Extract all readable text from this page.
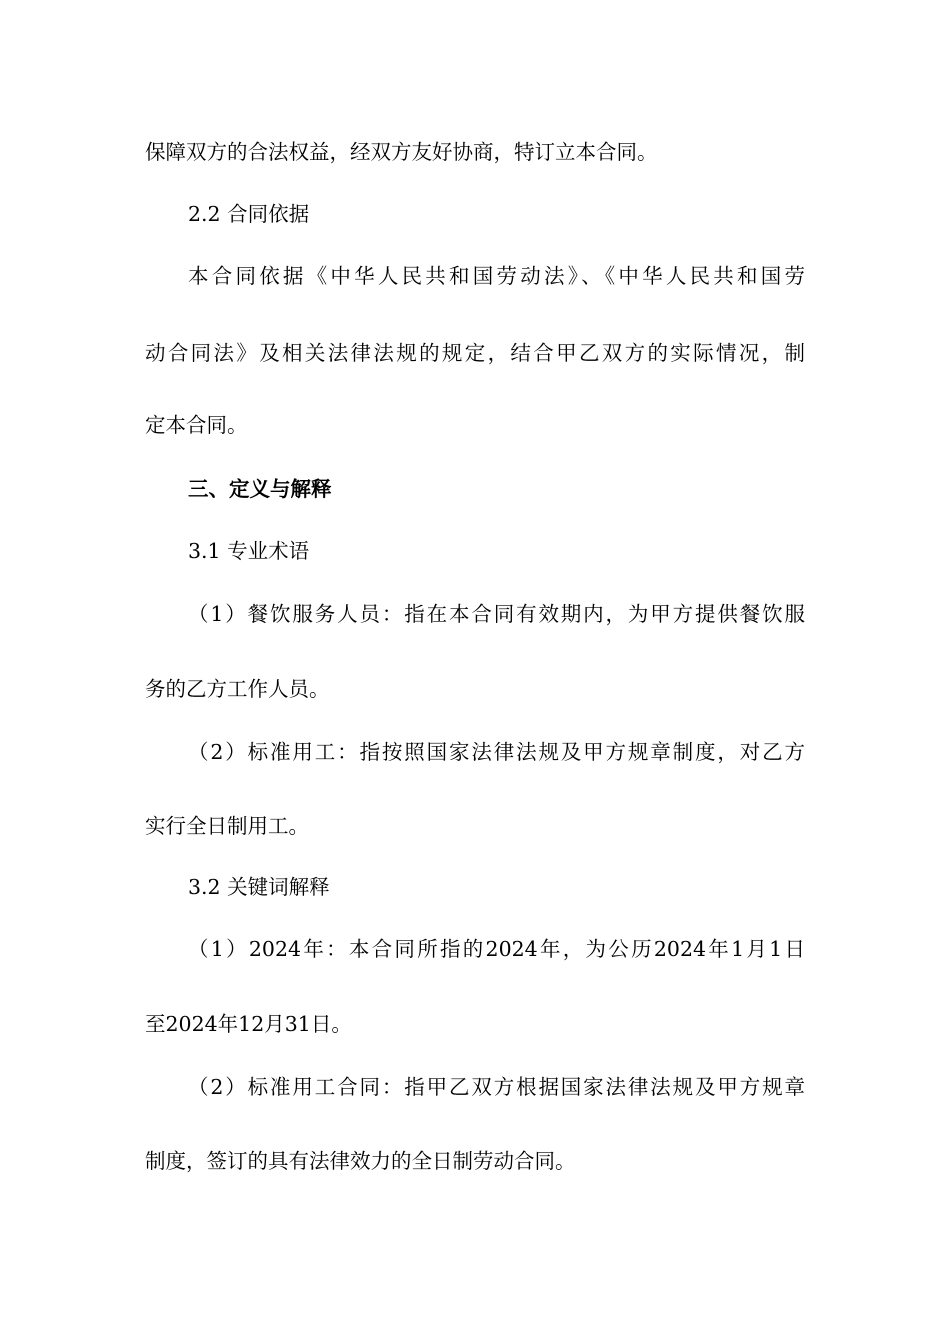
保障双方的合法权益，经双方友好协商，特订立本合同。
2.2 合同依据
本合同依据《中华人民共和国劳动法》、《中华人民共和国劳
动合同法》及相关法律法规的规定，结合甲乙双方的实际情况，制
定本合同。
三、定义与解释
3.1 专业术语
（1）餐饮服务人员：指在本合同有效期内，为甲方提供餐饮服
务的乙方工作人员。
（2）标准用工：指按照国家法律法规及甲方规章制度，对乙方
实行全日制用工。
3.2 关键词解释
（1）2024年：本合同所指的2024年，为公历2024年1月1日
至2024年12月31日。
（2）标准用工合同：指甲乙双方根据国家法律法规及甲方规章
制度，签订的具有法律效力的全日制劳动合同。
